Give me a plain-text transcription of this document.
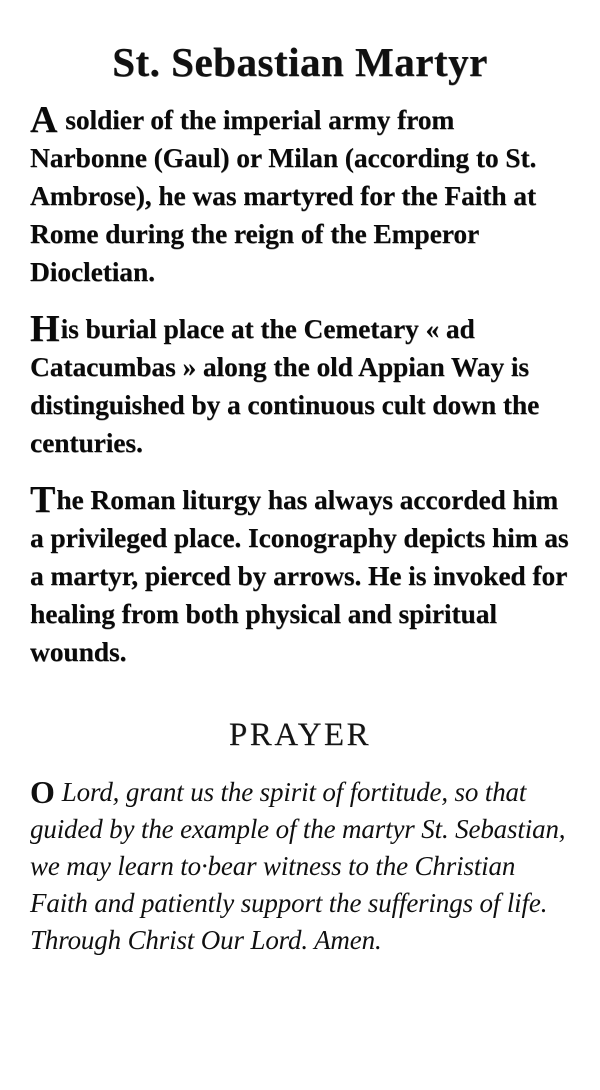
St. Sebastian Martyr

A soldier of the imperial army from Narbonne (Gaul) or Milan (according to St. Ambrose), he was martyred for the Faith at Rome during the reign of the Emperor Diocletian.

His burial place at the Cemetary « ad Catacumbas » along the old Appian Way is distinguished by a continuous cult down the centuries.

The Roman liturgy has always accorded him a privileged place. Iconography depicts him as a martyr, pierced by arrows. He is invoked for healing from both physical and spiritual wounds.

PRAYER

O Lord, grant us the spirit of fortitude, so that guided by the example of the martyr St. Sebastian, we may learn to·bear witness to the Christian Faith and patiently support the sufferings of life. Through Christ Our Lord. Amen.
